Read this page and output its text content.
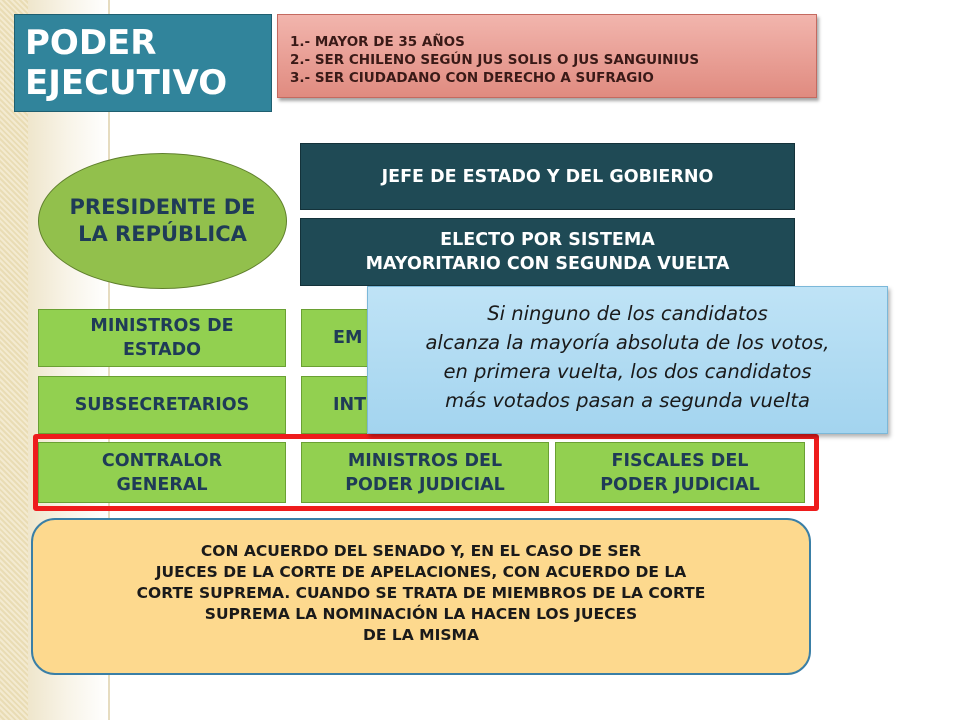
PODER
EJECUTIVO
1.- MAYOR DE 35 AÑOS
2.- SER CHILENO SEGÚN JUS SOLIS O JUS SANGUINIUS
3.- SER CIUDADANO CON DERECHO A SUFRAGIO
PRESIDENTE DE
LA REPÚBLICA
JEFE DE ESTADO Y DEL GOBIERNO
ELECTO POR SISTEMA
MAYORITARIO CON SEGUNDA VUELTA
MINISTROS DE
ESTADO
EM
SUBSECRETARIOS	INT
CONTRALOR
GENERAL
MINISTROS DEL
PODER JUDICIAL
FISCALES DEL
PODER JUDICIAL
Si ninguno de los candidatos
alcanza la mayoría absoluta de los votos,
en primera vuelta, los dos candidatos
más votados pasan a segunda vuelta
CON ACUERDO DEL SENADO Y, EN EL CASO DE SER
JUECES DE LA CORTE DE APELACIONES, CON ACUERDO DE LA
CORTE SUPREMA. CUANDO SE TRATA DE MIEMBROS DE LA CORTE
SUPREMA LA NOMINACIÓN LA HACEN LOS JUECES
DE LA MISMA
